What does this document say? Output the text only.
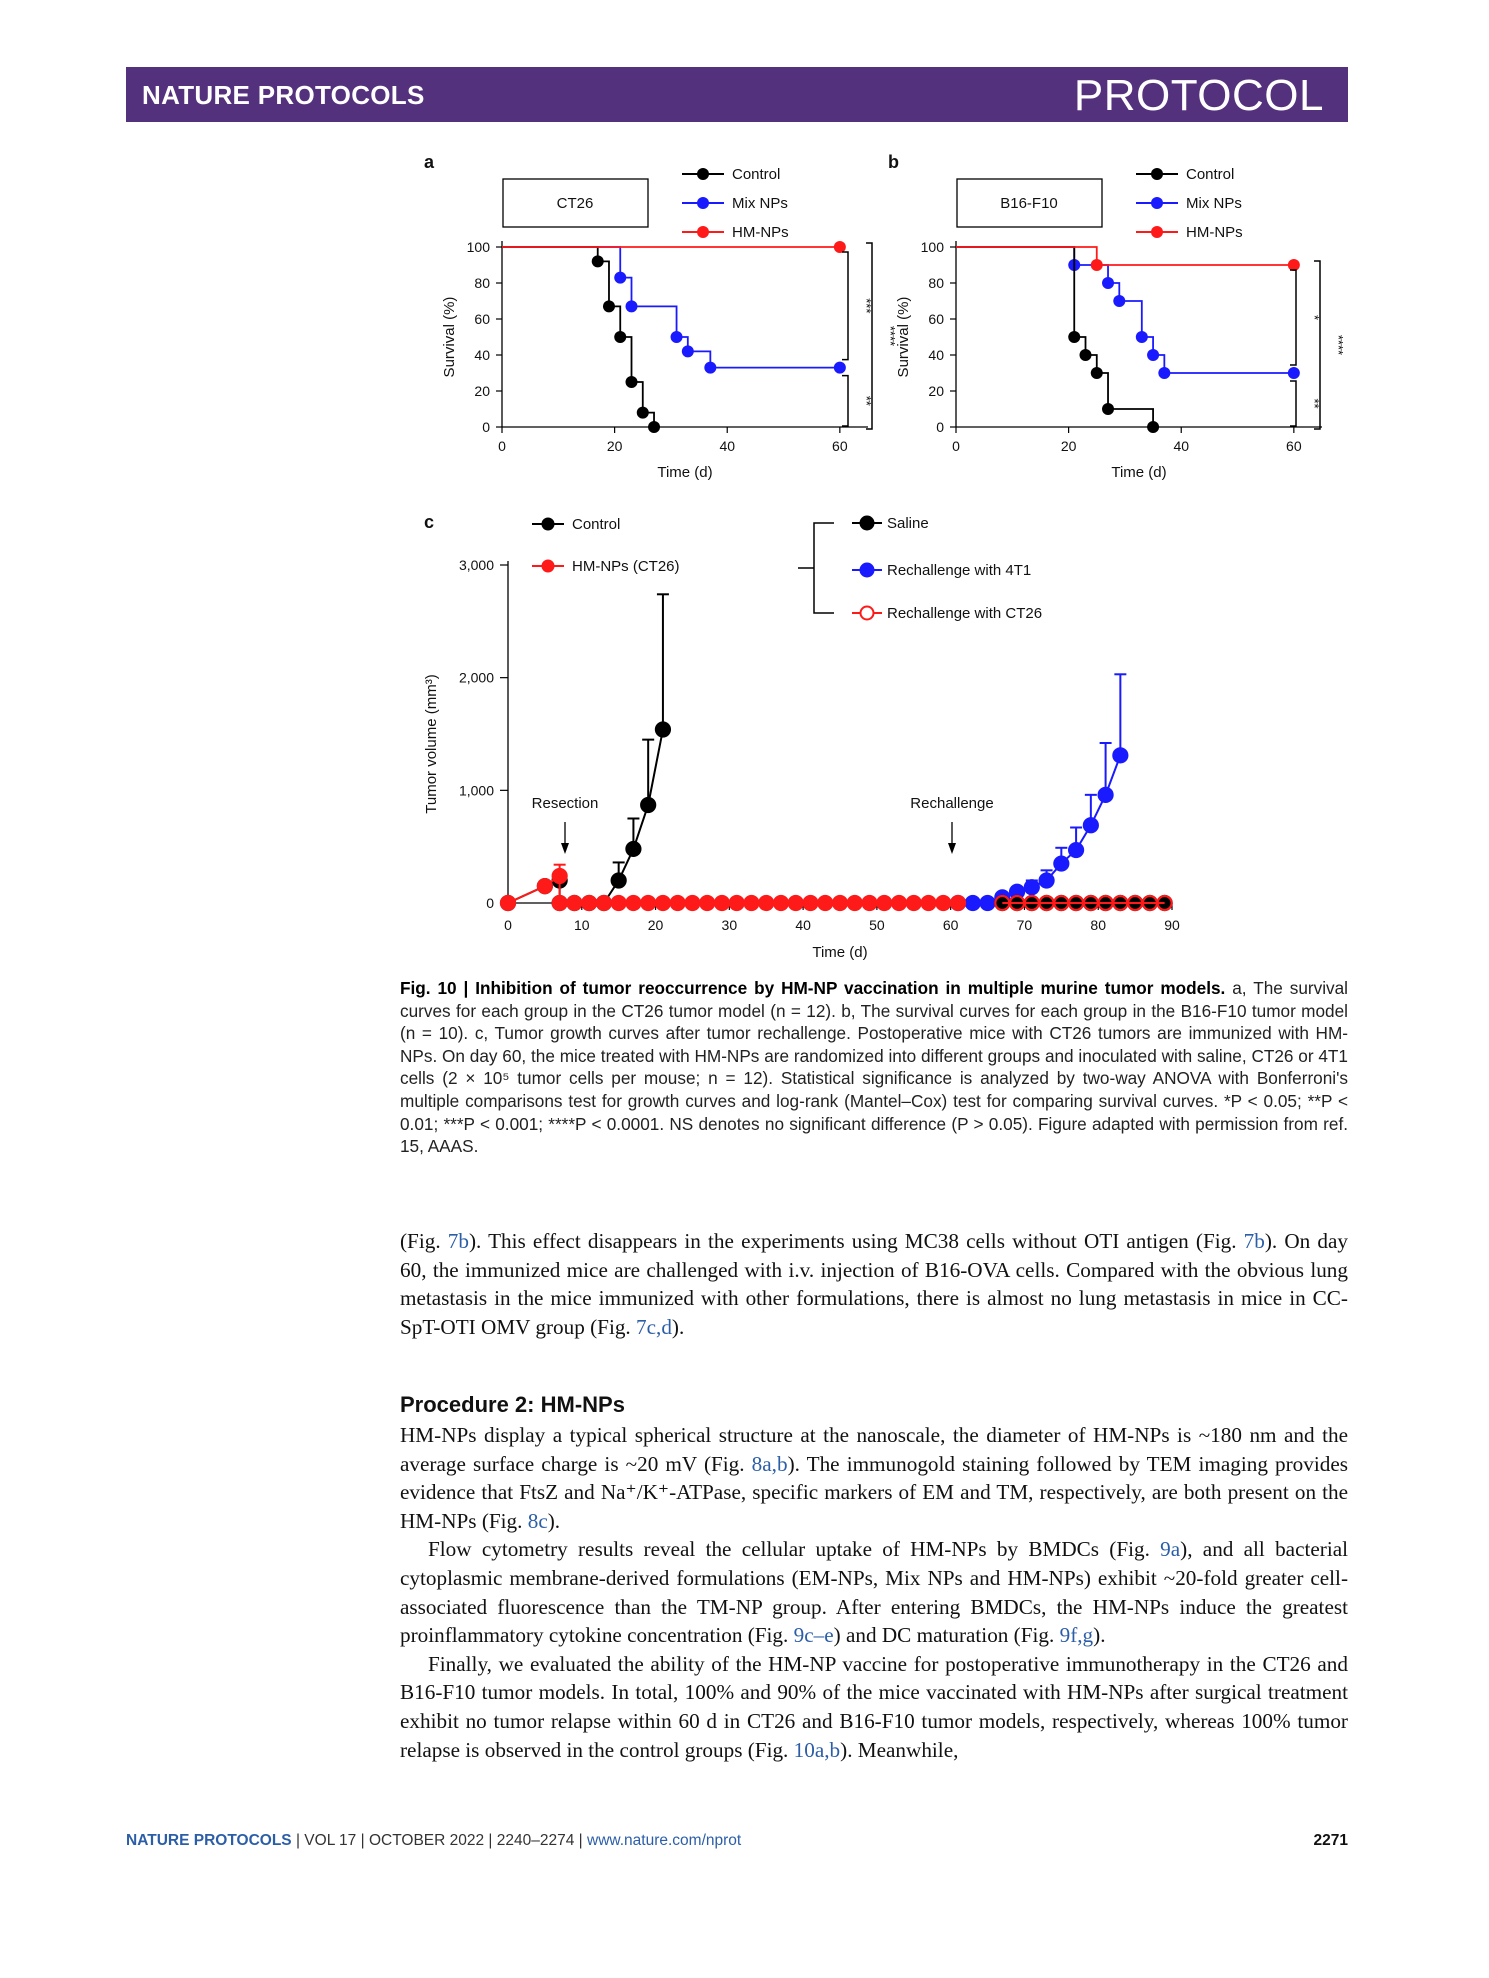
NATURE PROTOCOLS	PROTOCOL
a
CT26
Control
Mix NPs
HM-NPs
0
20
40
60
80
100
0	20	40	60
Time (d)
Survival (%)	***
**
****
b
B16-F10
Control
Mix NPs
HM-NPs
0
20
40
60
80
100
0	20	40	60
Time (d)
Survival (%)	*
**
****
c
0
1,000
2,000
3,000
0	10	20	30	40	50	60	70	80	90
Time (d)
Tumor volume (mm³)
Control
HM-NPs (CT26)
Saline
Rechallenge with 4T1
Rechallenge with CT26
Resection	Rechallenge
Fig. 10 | Inhibition of tumor reoccurrence by HM-NP vaccination in multiple murine tumor models. a, The survival curves for each group in the CT26 tumor model (n = 12). b, The survival curves for each group in the B16-F10 tumor model (n = 10). c, Tumor growth curves after tumor rechallenge. Postoperative mice with CT26 tumors are immunized with HM-NPs. On day 60, the mice treated with HM-NPs are randomized into different groups and inoculated with saline, CT26 or 4T1 cells (2 × 10⁵ tumor cells per mouse; n = 12). Statistical significance is analyzed by two-way ANOVA with Bonferroni's multiple comparisons test for growth curves and log-rank (Mantel–Cox) test for comparing survival curves. *P < 0.05; **P < 0.01; ***P < 0.001; ****P < 0.0001. NS denotes no significant difference (P > 0.05). Figure adapted with permission from ref. 15, AAAS.

(Fig. 7b). This effect disappears in the experiments using MC38 cells without OTI antigen (Fig. 7b). On day 60, the immunized mice are challenged with i.v. injection of B16-OVA cells. Compared with the obvious lung metastasis in the mice immunized with other formulations, there is almost no lung metastasis in mice in CC-SpT-OTI OMV group (Fig. 7c,d).

Procedure 2: HM-NPs

HM-NPs display a typical spherical structure at the nanoscale, the diameter of HM-NPs is ~180 nm and the average surface charge is ~20 mV (Fig. 8a,b). The immunogold staining followed by TEM imaging provides evidence that FtsZ and Na⁺/K⁺-ATPase, specific markers of EM and TM, respectively, are both present on the HM-NPs (Fig. 8c).

Flow cytometry results reveal the cellular uptake of HM-NPs by BMDCs (Fig. 9a), and all bacterial cytoplasmic membrane-derived formulations (EM-NPs, Mix NPs and HM-NPs) exhibit ~20-fold greater cell-associated fluorescence than the TM-NP group. After entering BMDCs, the HM-NPs induce the greatest proinflammatory cytokine concentration (Fig. 9c–e) and DC maturation (Fig. 9f,g).

Finally, we evaluated the ability of the HM-NP vaccine for postoperative immunotherapy in the CT26 and B16-F10 tumor models. In total, 100% and 90% of the mice vaccinated with HM-NPs after surgical treatment exhibit no tumor relapse within 60 d in CT26 and B16-F10 tumor models, respectively, whereas 100% tumor relapse is observed in the control groups (Fig. 10a,b). Meanwhile,

NATURE PROTOCOLS | VOL 17 | OCTOBER 2022 | 2240–2274 | www.nature.com/nprot	2271
